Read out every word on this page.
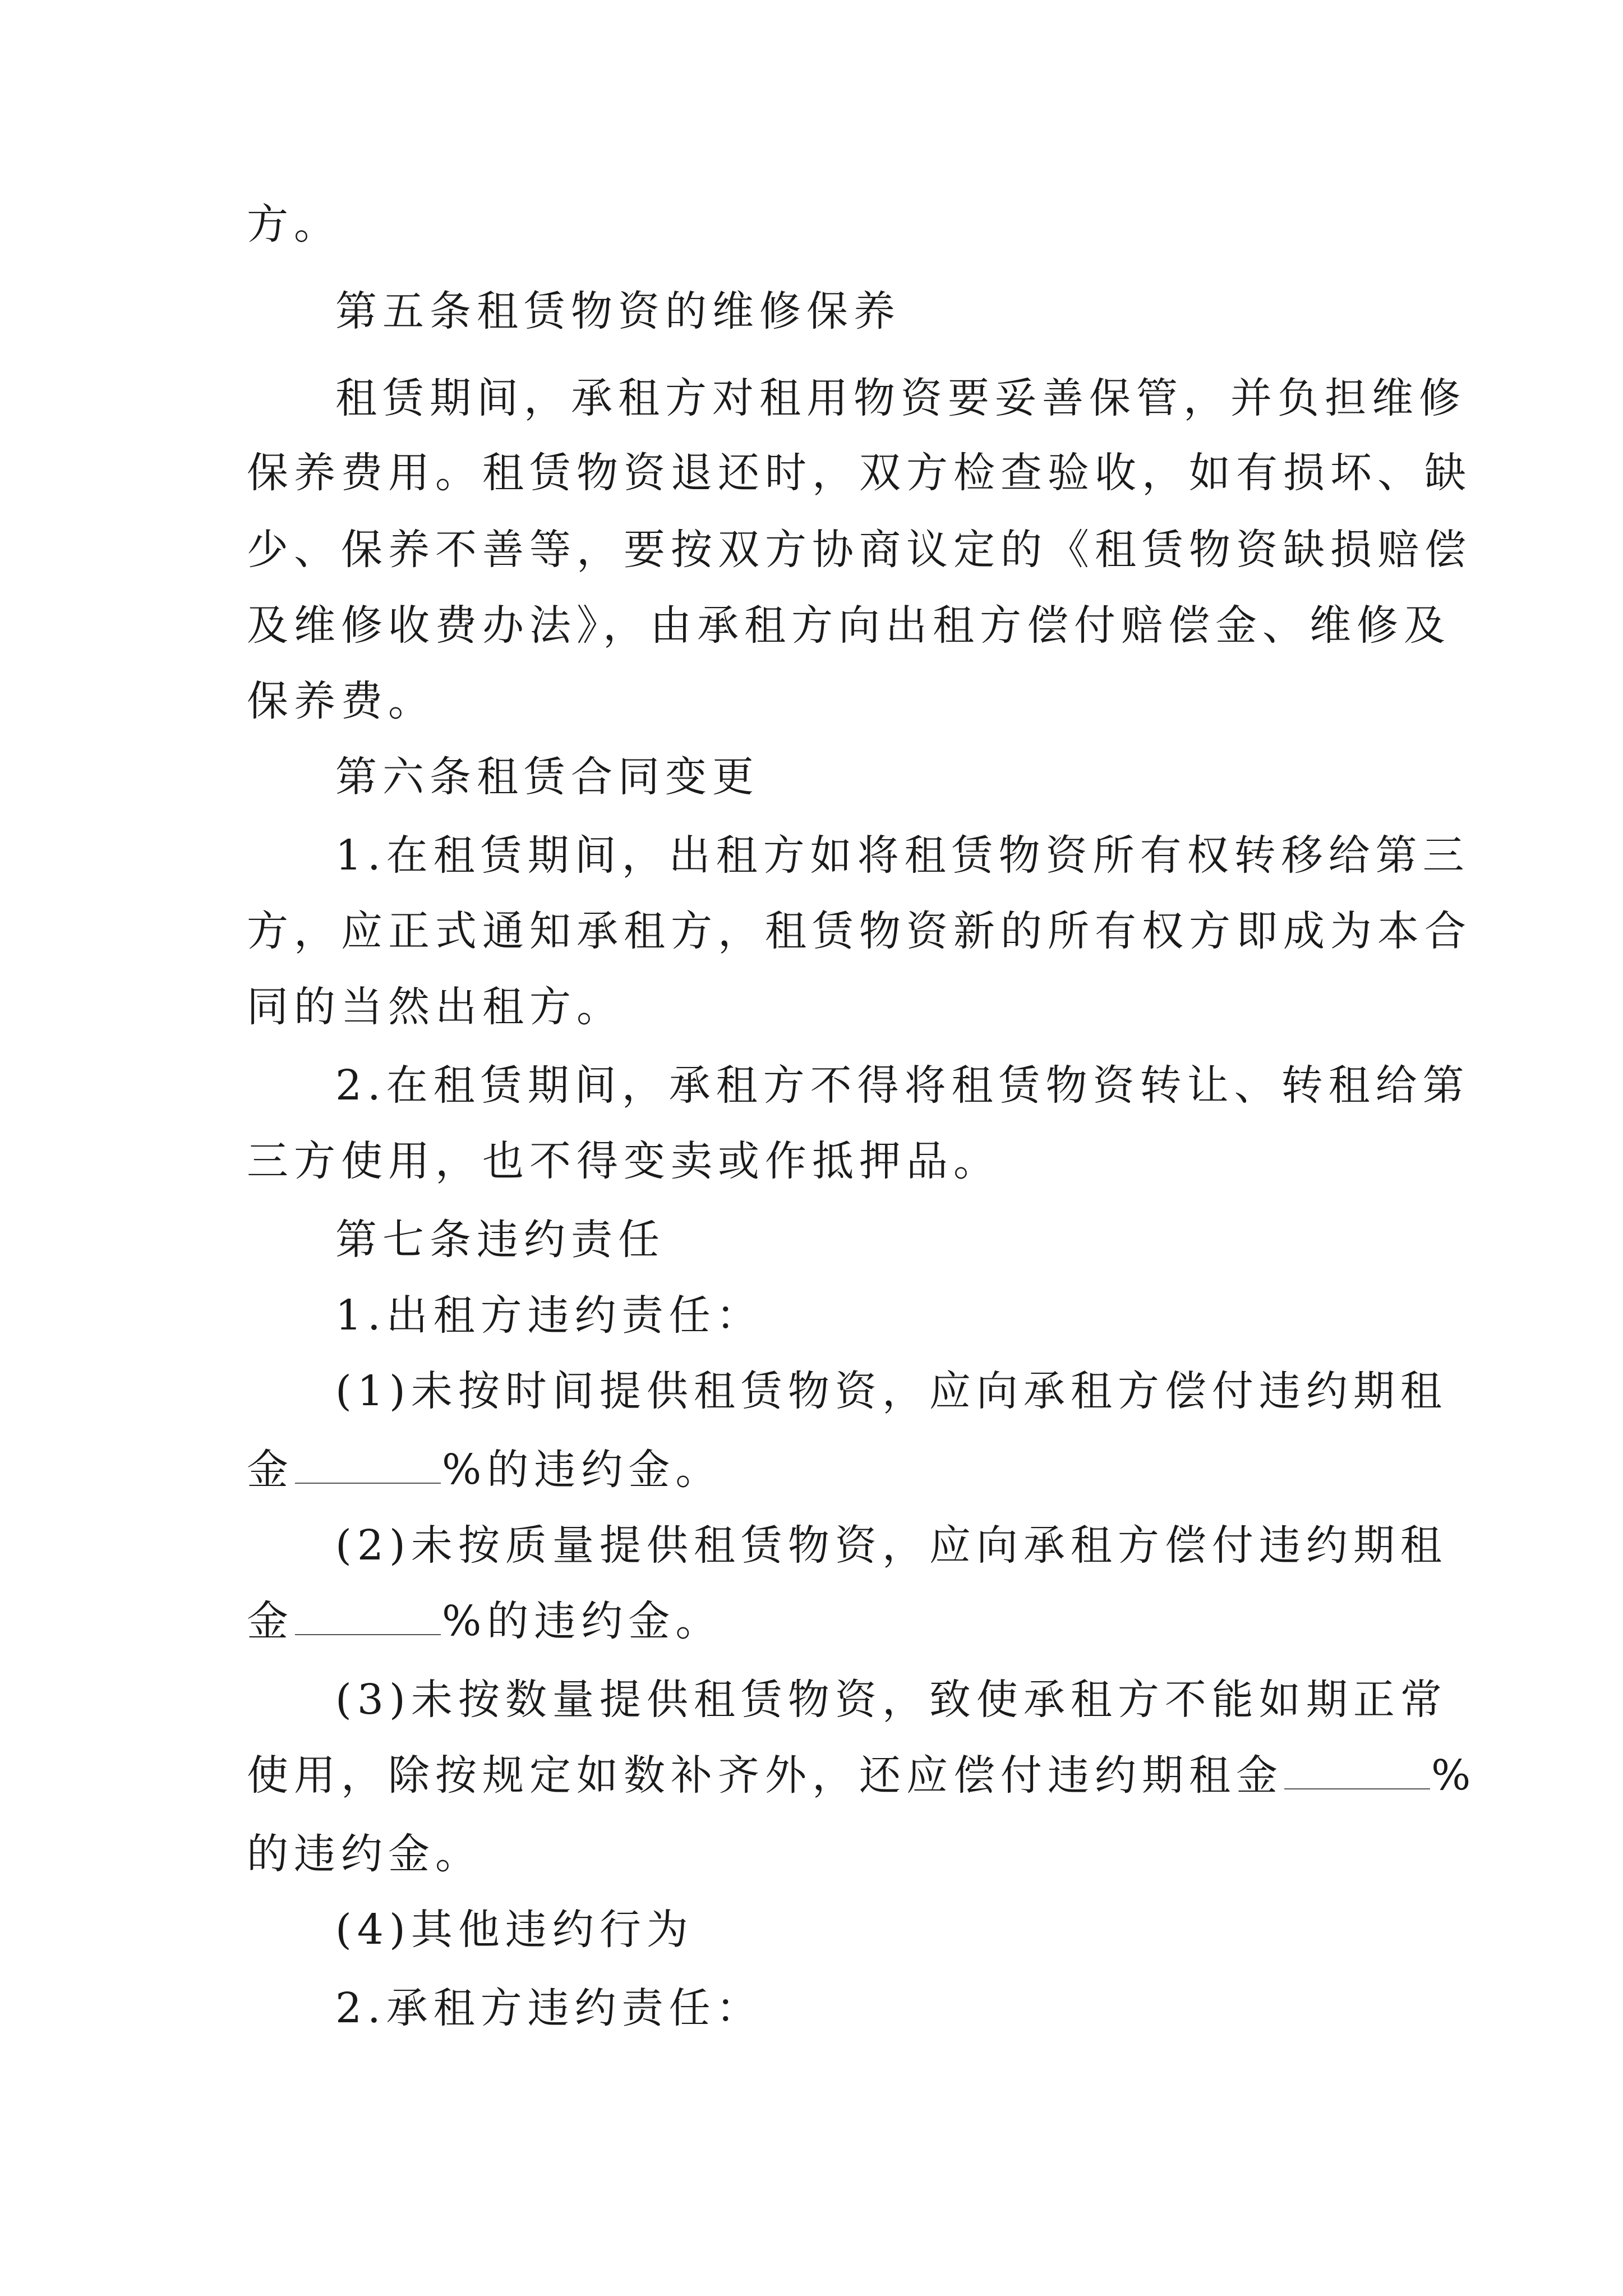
方。
第五条租赁物资的维修保养
租赁期间，承租方对租用物资要妥善保管，并负担维修
保养费用。租赁物资退还时，双方检查验收，如有损坏、缺
少、保养不善等，要按双方协商议定的《租赁物资缺损赔偿
及维修收费办法》，由承租方向出租方偿付赔偿金、维修及
保养费。
第六条租赁合同变更
1.在租赁期间，出租方如将租赁物资所有权转移给第三
方，应正式通知承租方，租赁物资新的所有权方即成为本合
同的当然出租方。
2.在租赁期间，承租方不得将租赁物资转让、转租给第
三方使用，也不得变卖或作抵押品。
第七条违约责任
1.出租方违约责任：
(1)未按时间提供租赁物资，应向承租方偿付违约期租
金	%的违约金。
(2)未按质量提供租赁物资，应向承租方偿付违约期租
金	%的违约金。
(3)未按数量提供租赁物资，致使承租方不能如期正常
使用，除按规定如数补齐外，还应偿付违约期租金	%
的违约金。
(4)其他违约行为
2.承租方违约责任：
